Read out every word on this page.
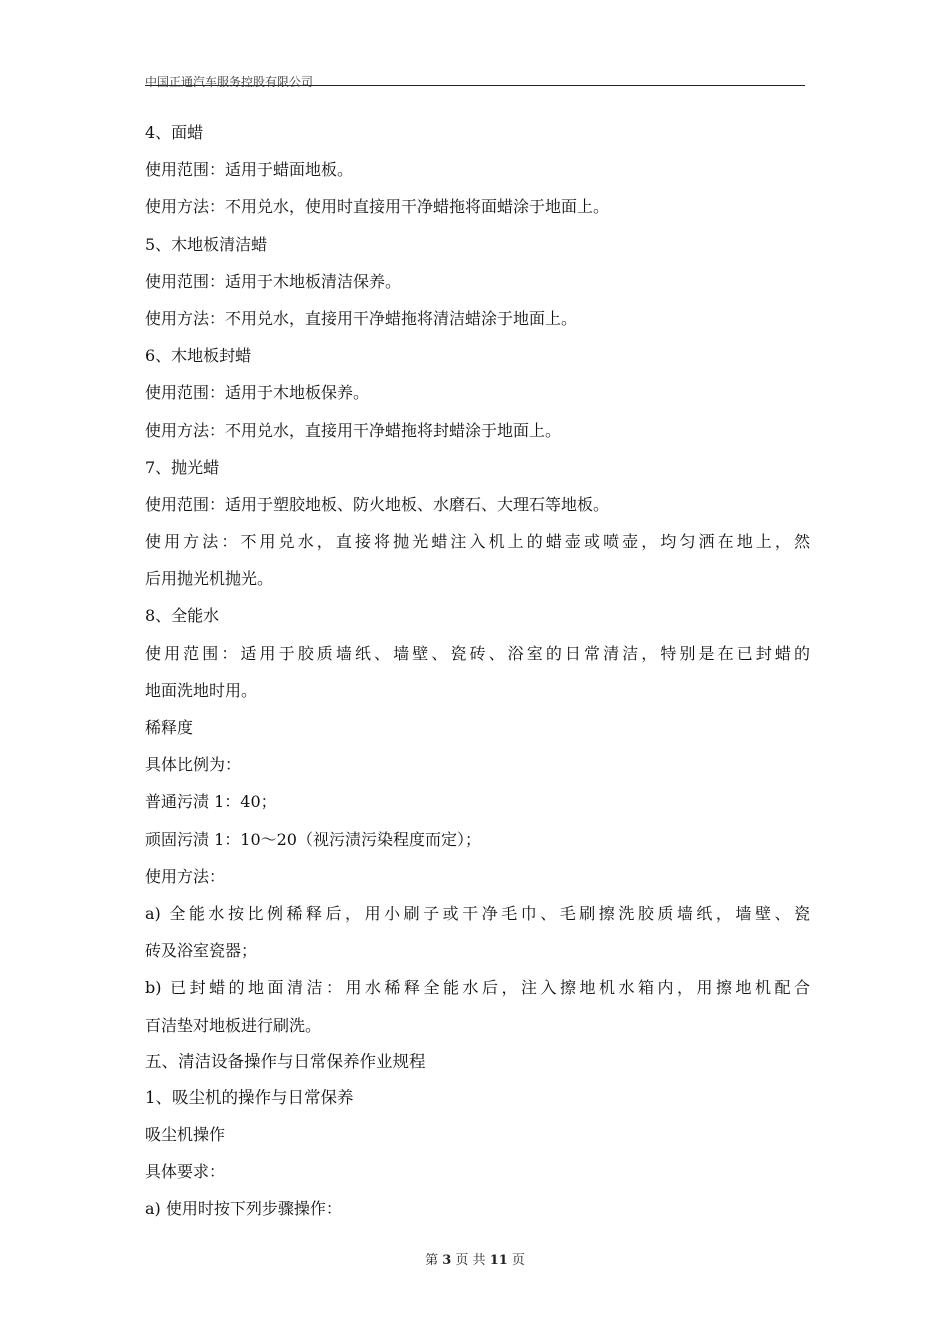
中国正通汽车服务控股有限公司
4、面蜡
使用范围：适用于蜡面地板。
使用方法：不用兑水，使用时直接用干净蜡拖将面蜡涂于地面上。
5、木地板清洁蜡
使用范围：适用于木地板清洁保养。
使用方法：不用兑水，直接用干净蜡拖将清洁蜡涂于地面上。
6、木地板封蜡
使用范围：适用于木地板保养。
使用方法：不用兑水，直接用干净蜡拖将封蜡涂于地面上。
7、抛光蜡
使用范围：适用于塑胶地板、防火地板、水磨石、大理石等地板。
使用方法：不用兑水，直接将抛光蜡注入机上的蜡壶或喷壶，均匀洒在地上，然
后用抛光机抛光。
8、全能水
使用范围：适用于胶质墙纸、墙壁、瓷砖、浴室的日常清洁，特别是在已封蜡的
地面洗地时用。
稀释度
具体比例为：
普通污渍 1：40；
顽固污渍 1：10～20（视污渍污染程度而定）；
使用方法：
a) 全能水按比例稀释后，用小刷子或干净毛巾、毛刷擦洗胶质墙纸，墙壁、瓷
砖及浴室瓷器；
b) 已封蜡的地面清洁：用水稀释全能水后，注入擦地机水箱内，用擦地机配合
百洁垫对地板进行刷洗。
五、清洁设备操作与日常保养作业规程
1、吸尘机的操作与日常保养
吸尘机操作
具体要求：
a) 使用时按下列步骤操作：
第 3 页 共 11 页
